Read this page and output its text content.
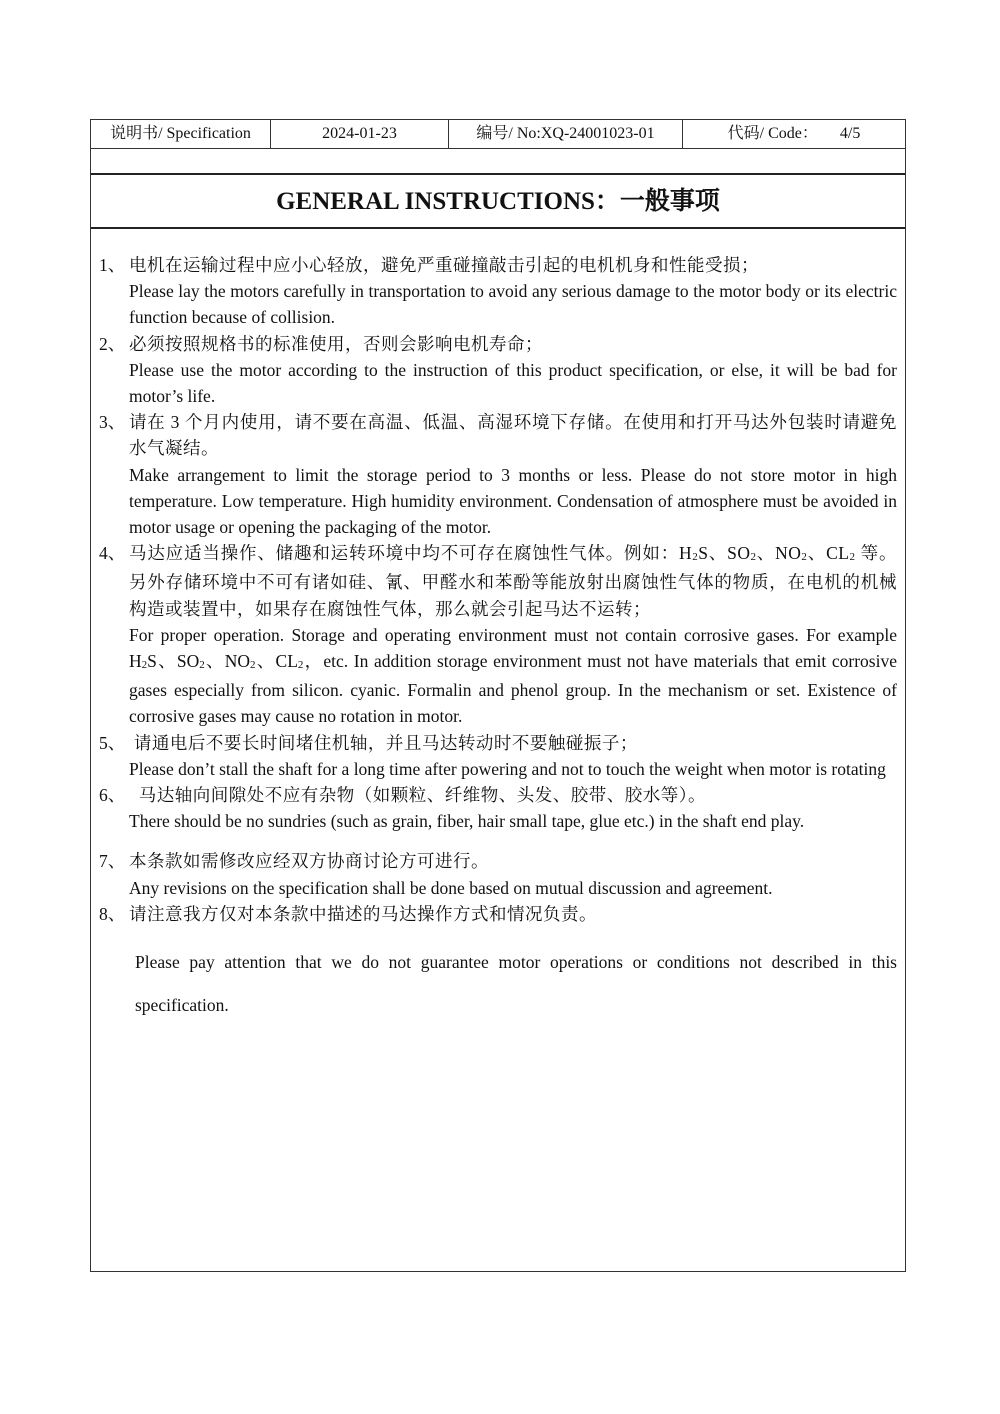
说明书/ Specification	2024-01-23	编号/ No:XQ-24001023-01	代码/ Code： 4/5
GENERAL INSTRUCTIONS：一般事项
1、 电机在运输过程中应小心轻放，避免严重碰撞敲击引起的电机机身和性能受损；
Please lay the motors carefully in transportation to avoid any serious damage to the motor body or its electric function because of collision.
2、 必须按照规格书的标准使用，否则会影响电机寿命；
Please use the motor according to the instruction of this product specification, or else, it will be bad for motor’s life.
3、 请在 3 个月内使用，请不要在高温、低温、高湿环境下存储。在使用和打开马达外包装时请避免水气凝结。
Make arrangement to limit the storage period to 3 months or less. Please do not store motor in high temperature. Low temperature. High humidity environment. Condensation of atmosphere must be avoided in motor usage or opening the packaging of the motor.
4、 马达应适当操作、储趣和运转环境中均不可存在腐蚀性气体。例如：$H_2S$、$SO_2$、$NO_2$、$CL_2$ 等。另外存储环境中不可有诸如硅、氰、甲醛水和苯酚等能放射出腐蚀性气体的物质，在电机的机械构造或装置中，如果存在腐蚀性气体，那么就会引起马达不运转；
For proper operation. Storage and operating environment must not contain corrosive gases. For example $H_2S$、$SO_2$、$NO_2$、$CL_2$，etc. In addition storage environment must not have materials that emit corrosive gases especially from silicon. cyanic. Formalin and phenol group. In the mechanism or set. Existence of corrosive gases may cause no rotation in motor.
5、 请通电后不要长时间堵住机轴，并且马达转动时不要触碰振子；
Please don’t stall the shaft for a long time after powering and not to touch the weight when motor is rotating
6、 马达轴向间隙处不应有杂物（如颗粒、纤维物、头发、胶带、胶水等）。
There should be no sundries (such as grain, fiber, hair small tape, glue etc.) in the shaft end play.
7、 本条款如需修改应经双方协商讨论方可进行。
Any revisions on the specification shall be done based on mutual discussion and agreement.
8、 请注意我方仅对本条款中描述的马达操作方式和情况负责。
Please pay attention that we do not guarantee motor operations or conditions not described in this specification.
